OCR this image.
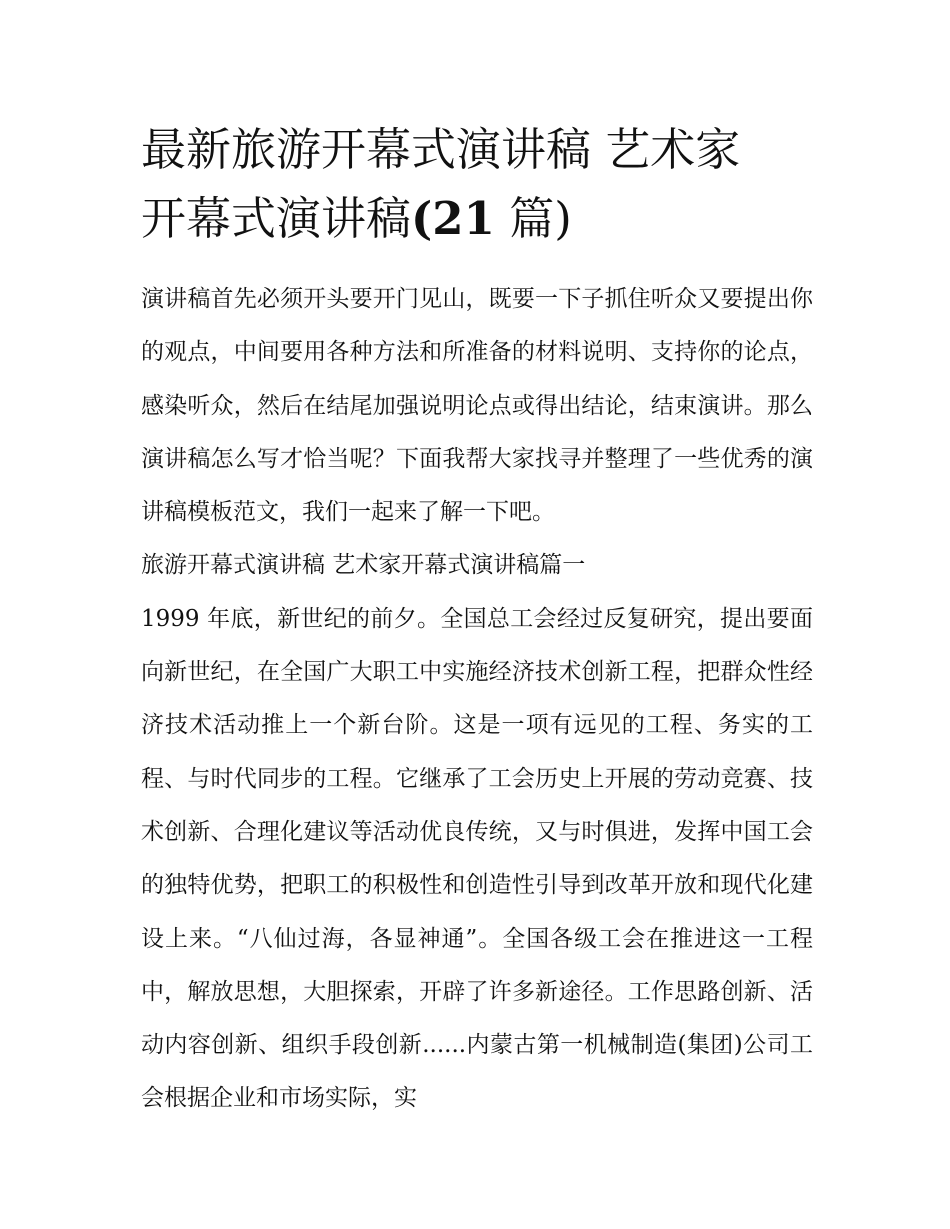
最新旅游开幕式演讲稿 艺术家
开幕式演讲稿(21 篇)

演讲稿首先必须开头要开门见山，既要一下子抓住听众又要提出你的观点，中间要用各种方法和所准备的材料说明、支持你的论点，感染听众，然后在结尾加强说明论点或得出结论，结束演讲。那么演讲稿怎么写才恰当呢？下面我帮大家找寻并整理了一些优秀的演讲稿模板范文，我们一起来了解一下吧。

旅游开幕式演讲稿 艺术家开幕式演讲稿篇一

1999 年底，新世纪的前夕。全国总工会经过反复研究，提出要面向新世纪，在全国广大职工中实施经济技术创新工程，把群众性经济技术活动推上一个新台阶。这是一项有远见的工程、务实的工程、与时代同步的工程。它继承了工会历史上开展的劳动竞赛、技术创新、合理化建议等活动优良传统，又与时俱进，发挥中国工会的独特优势，把职工的积极性和创造性引导到改革开放和现代化建设上来。“八仙过海，各显神通”。全国各级工会在推进这一工程中，解放思想，大胆探索，开辟了许多新途径。工作思路创新、活动内容创新、组织手段创新......内蒙古第一机械制造(集团)公司工会根据企业和市场实际，实
